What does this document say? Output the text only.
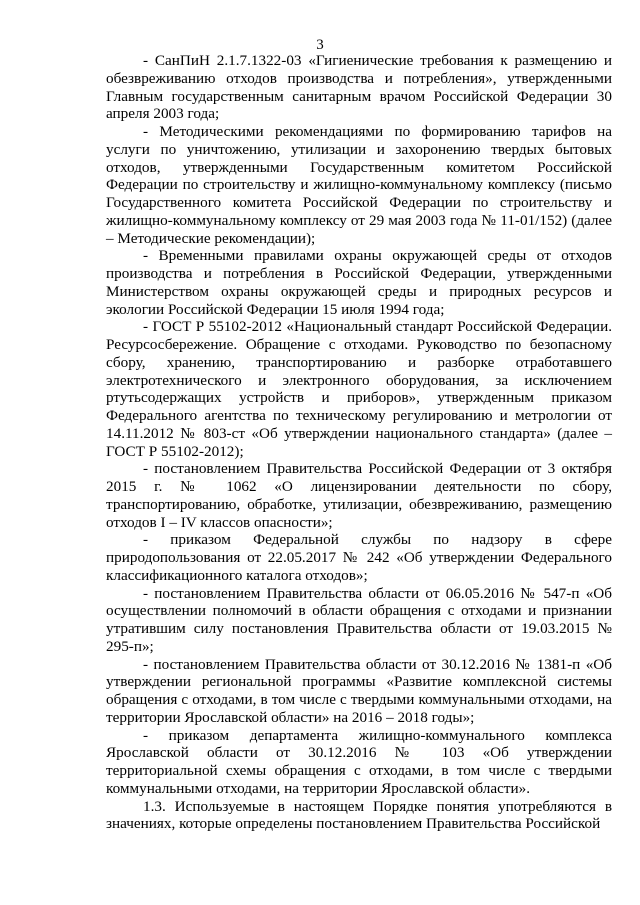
3

- СанПиН 2.1.7.1322-03 «Гигиенические требования к размещению и обезвреживанию отходов производства и потребления», утвержденными Главным государственным санитарным врачом Российской Федерации 30 апреля 2003 года;

- Методическими рекомендациями по формированию тарифов на услуги по уничтожению, утилизации и захоронению твердых бытовых отходов, утвержденными Государственным комитетом Российской Федерации по строительству и жилищно-коммунальному комплексу (письмо Государственного комитета Российской Федерации по строительству и жилищно-коммунальному комплексу от 29 мая 2003 года № 11-01/152) (далее – Методические рекомендации);

- Временными правилами охраны окружающей среды от отходов производства и потребления в Российской Федерации, утвержденными Министерством охраны окружающей среды и природных ресурсов и экологии Российской Федерации 15 июля 1994 года;

- ГОСТ Р 55102-2012 «Национальный стандарт Российской Федерации. Ресурсосбережение. Обращение с отходами. Руководство по безопасному сбору, хранению, транспортированию и разборке отработавшего электротехнического и электронного оборудования, за исключением ртутьсодержащих устройств и приборов», утвержденным приказом Федерального агентства по техническому регулированию и метрологии от 14.11.2012 № 803-ст «Об утверждении национального стандарта» (далее – ГОСТ Р 55102-2012);

- постановлением Правительства Российской Федерации от 3 октября 2015 г. № 1062 «О лицензировании деятельности по сбору, транспортированию, обработке, утилизации, обезвреживанию, размещению отходов I – IV классов опасности»;

- приказом Федеральной службы по надзору в сфере природопользования от 22.05.2017 № 242 «Об утверждении Федерального классификационного каталога отходов»;

- постановлением Правительства области от 06.05.2016 № 547-п «Об осуществлении полномочий в области обращения с отходами и признании утратившим силу постановления Правительства области от 19.03.2015 № 295-п»;

- постановлением Правительства области от 30.12.2016 № 1381-п «Об утверждении региональной программы «Развитие комплексной системы обращения с отходами, в том числе с твердыми коммунальными отходами, на территории Ярославской области» на 2016 – 2018 годы»;

- приказом департамента жилищно-коммунального комплекса Ярославской области от 30.12.2016 № 103 «Об утверждении территориальной схемы обращения с отходами, в том числе с твердыми коммунальными отходами, на территории Ярославской области».

1.3. Используемые в настоящем Порядке понятия употребляются в значениях, которые определены постановлением Правительства Российской
